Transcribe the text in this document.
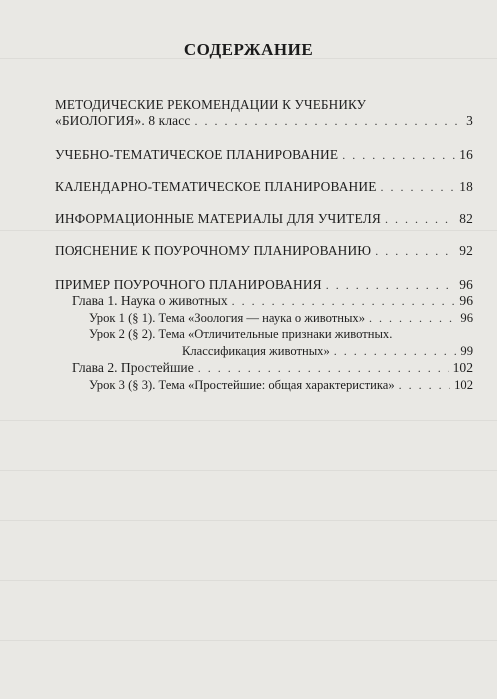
СОДЕРЖАНИЕ
МЕТОДИЧЕСКИЕ РЕКОМЕНДАЦИИ К УЧЕБНИКУ
«БИОЛОГИЯ». 8 класс . . .	3
УЧЕБНО-ТЕМАТИЧЕСКОЕ ПЛАНИРОВАНИЕ . . .	16
КАЛЕНДАРНО-ТЕМАТИЧЕСКОЕ ПЛАНИРОВАНИЕ . . .	18
ИНФОРМАЦИОННЫЕ МАТЕРИАЛЫ ДЛЯ УЧИТЕЛЯ . . .	82
ПОЯСНЕНИЕ К ПОУРОЧНОМУ ПЛАНИРОВАНИЮ . . .	92
ПРИМЕР ПОУРОЧНОГО ПЛАНИРОВАНИЯ . . .	96
Глава 1. Наука о животных . . .	96
Урок 1 (§ 1). Тема «Зоология — наука о животных» . . .	96
Урок 2 (§ 2). Тема «Отличительные признаки животных.
Классификация животных» . . .	99
Глава 2. Простейшие . . .	102
Урок 3 (§ 3). Тема «Простейшие: общая характеристика» . . .	102
